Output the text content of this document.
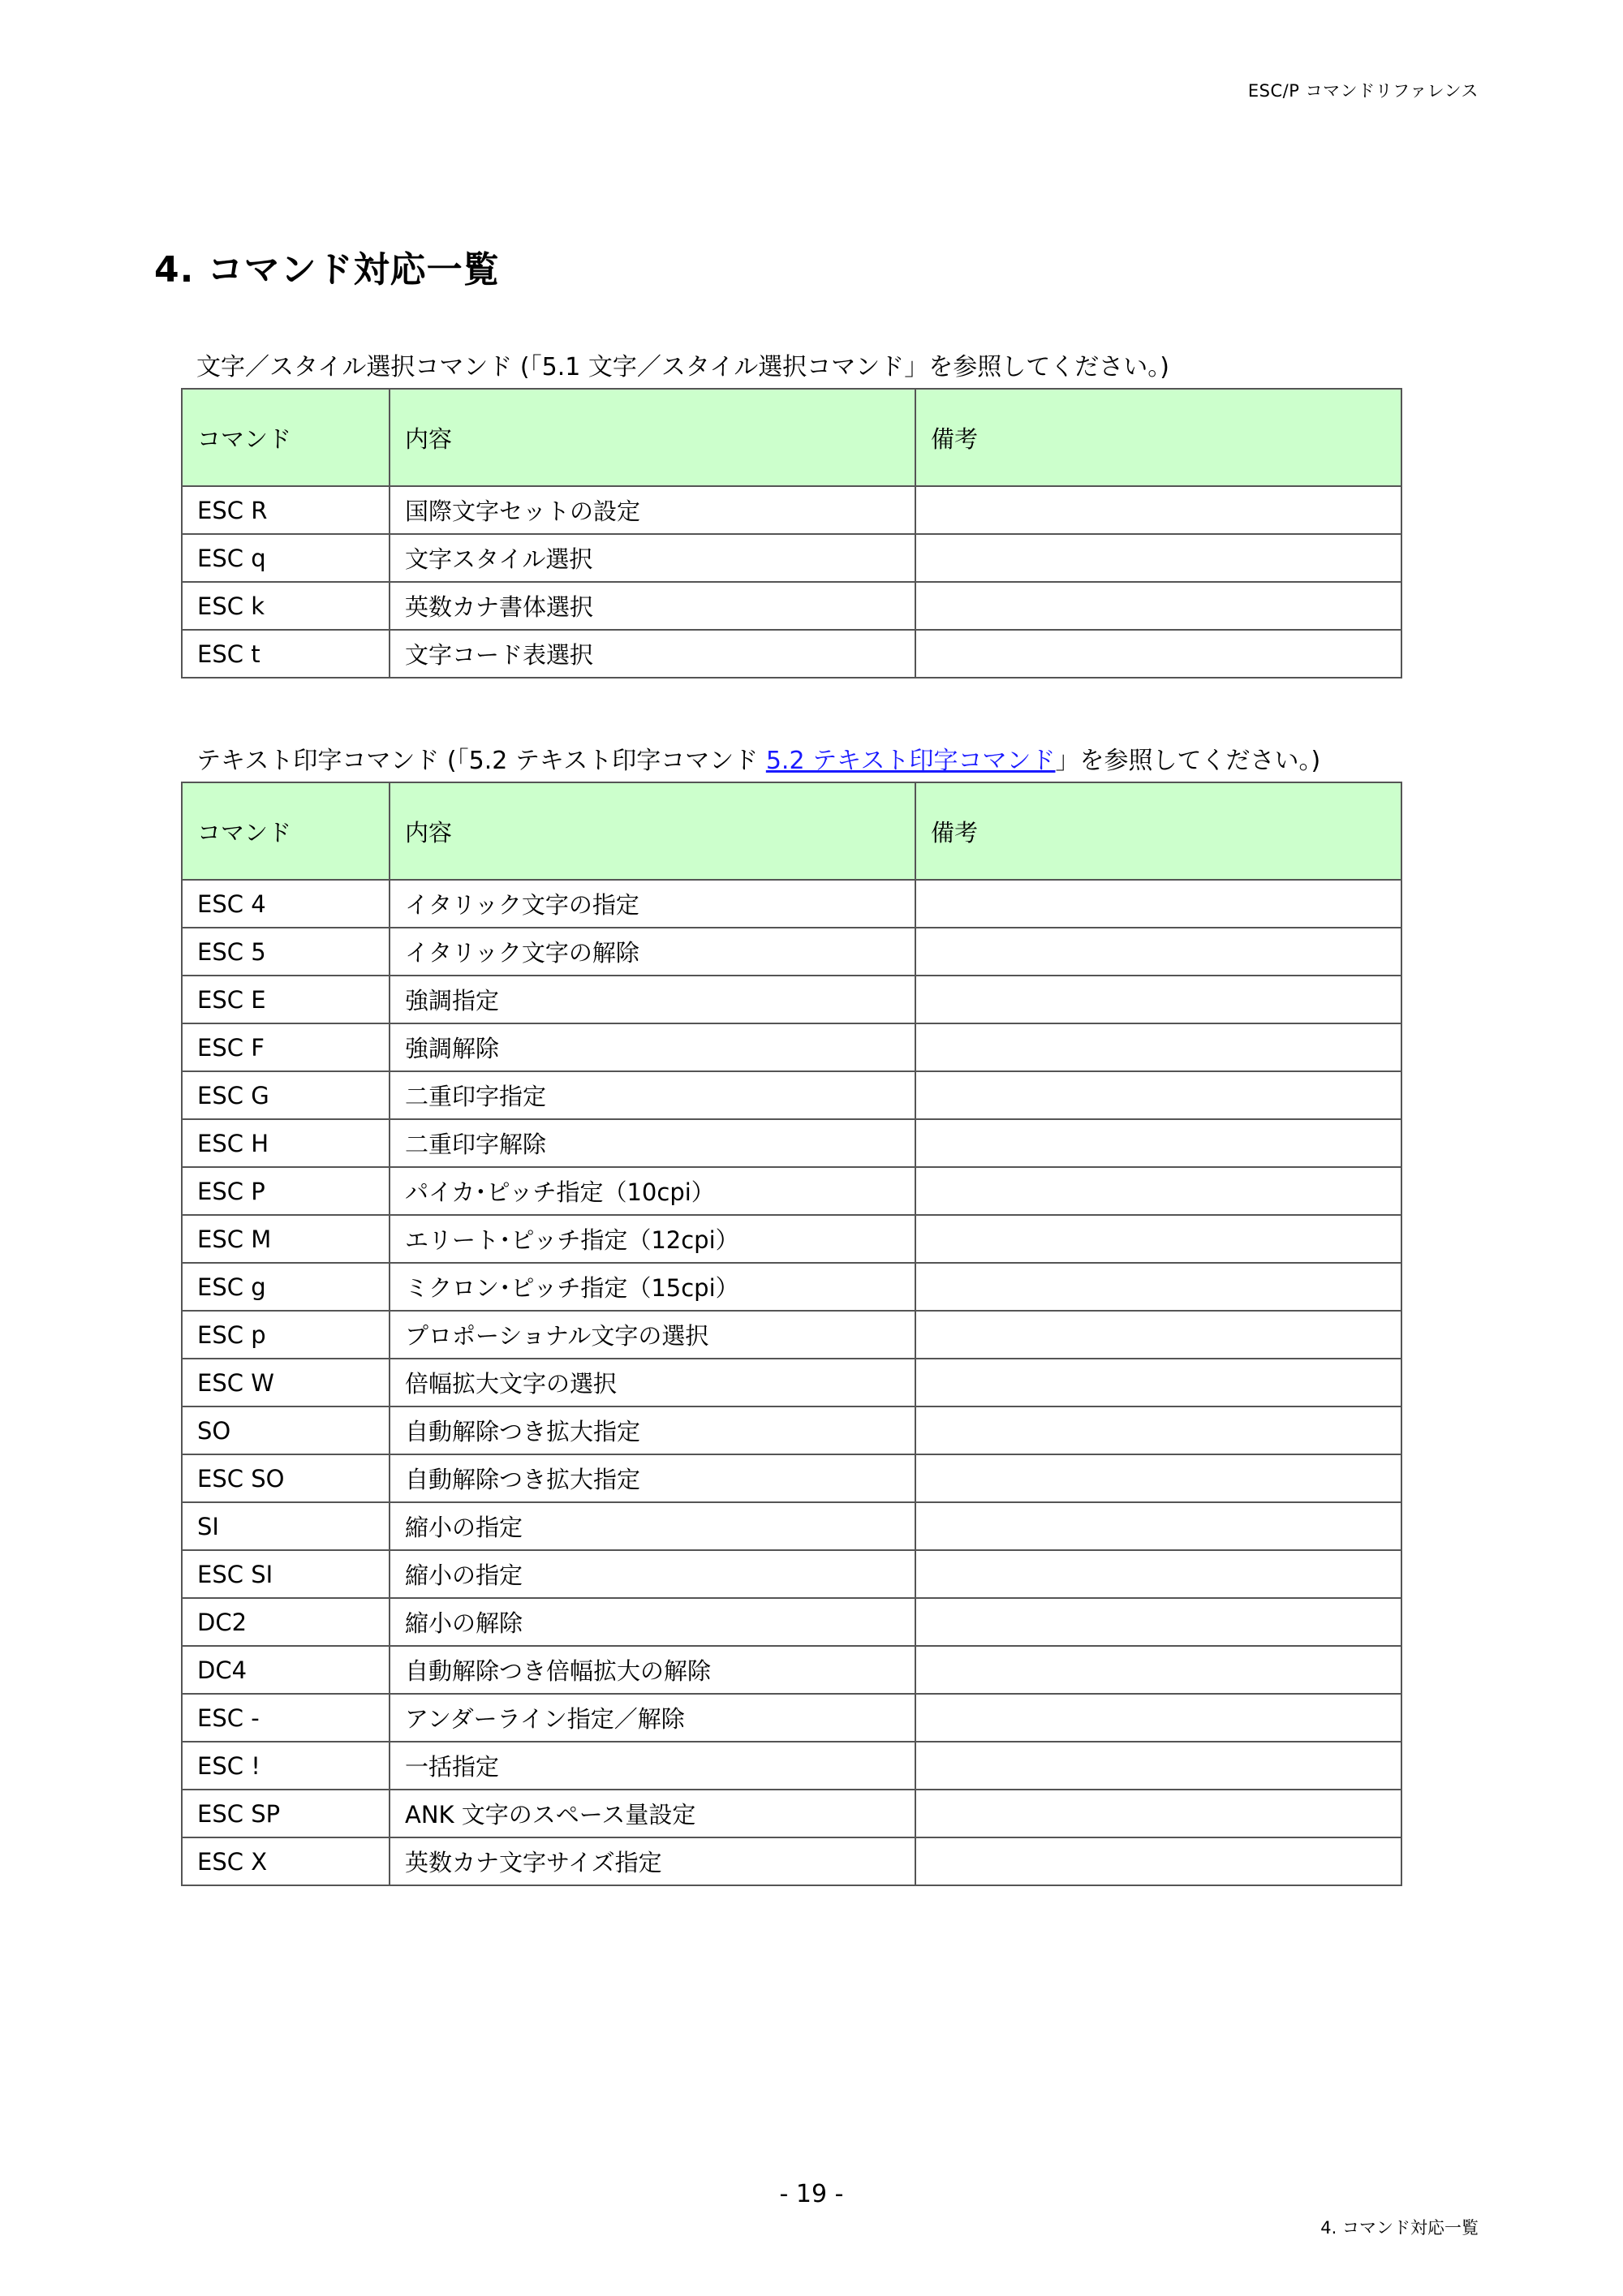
ESC/P コマンドリファレンス
4. コマンド対応一覧
文字／スタイル選択コマンド (「5.1 文字／スタイル選択コマンド」を参照してください。)
コマンド	内容	備考
ESC R	国際文字セットの設定	
ESC q	文字スタイル選択	
ESC k	英数カナ書体選択	
ESC t	文字コード表選択	
テキスト印字コマンド (「5.2 テキスト印字コマンド 5.2 テキスト印字コマンド」を参照してください。)
コマンド	内容	備考
ESC 4	イタリック文字の指定	
ESC 5	イタリック文字の解除	
ESC E	強調指定	
ESC F	強調解除	
ESC G	二重印字指定	
ESC H	二重印字解除	
ESC P	パイカ･ピッチ指定（10cpi）	
ESC M	エリート･ピッチ指定（12cpi）	
ESC g	ミクロン･ピッチ指定（15cpi）	
ESC p	プロポーショナル文字の選択	
ESC W	倍幅拡大文字の選択	
SO	自動解除つき拡大指定	
ESC SO	自動解除つき拡大指定	
SI	縮小の指定	
ESC SI	縮小の指定	
DC2	縮小の解除	
DC4	自動解除つき倍幅拡大の解除	
ESC -	アンダーライン指定／解除	
ESC !	一括指定	
ESC SP	ANK 文字のスペース量設定	
ESC X	英数カナ文字サイズ指定	
- 19 -
4. コマンド対応一覧
